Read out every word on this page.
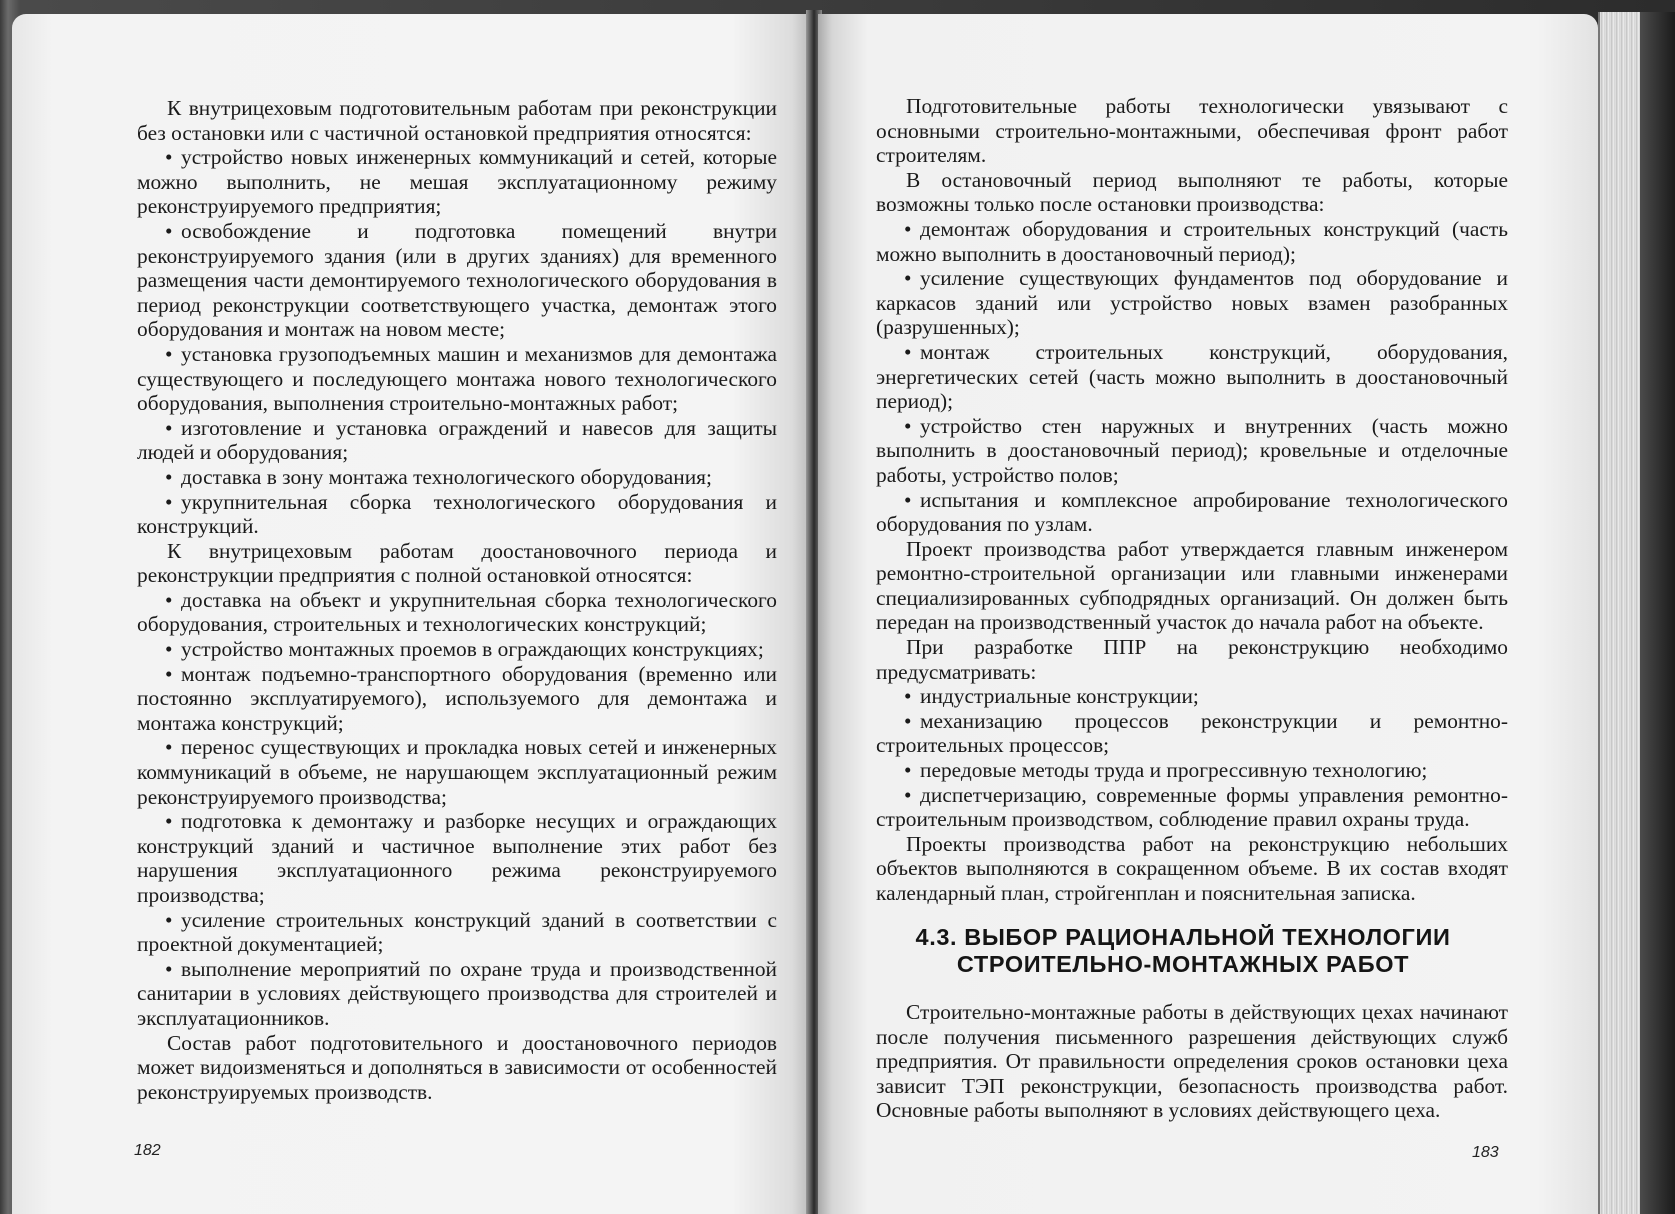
К внутрицеховым подготовительным работам при реконструкции без остановки или с частичной остановкой предприятия относятся:

• устройство новых инженерных коммуникаций и сетей, которые можно выполнить, не мешая эксплуатационному режиму реконструируемого предприятия;

• освобождение и подготовка помещений внутри реконструируемого здания (или в других зданиях) для временного размещения части демонтируемого технологического оборудования в период реконструкции соответствующего участка, демонтаж этого оборудования и монтаж на новом месте;

• установка грузоподъемных машин и механизмов для демонтажа существующего и последующего монтажа нового технологического оборудования, выполнения строительно-монтажных работ;

• изготовление и установка ограждений и навесов для защиты людей и оборудования;

• доставка в зону монтажа технологического оборудования;

• укрупнительная сборка технологического оборудования и конструкций.

К внутрицеховым работам доостановочного периода и реконструкции предприятия с полной остановкой относятся:

• доставка на объект и укрупнительная сборка технологического оборудования, строительных и технологических конструкций;

• устройство монтажных проемов в ограждающих конструкциях;

• монтаж подъемно-транспортного оборудования (временно или постоянно эксплуатируемого), используемого для демонтажа и монтажа конструкций;

• перенос существующих и прокладка новых сетей и инженерных коммуникаций в объеме, не нарушающем эксплуатационный режим реконструируемого производства;

• подготовка к демонтажу и разборке несущих и ограждающих конструкций зданий и частичное выполнение этих работ без нарушения эксплуатационного режима реконструируемого производства;

• усиление строительных конструкций зданий в соответствии с проектной документацией;

• выполнение мероприятий по охране труда и производственной санитарии в условиях действующего производства для строителей и эксплуатационников.

Состав работ подготовительного и доостановочного периодов может видоизменяться и дополняться в зависимости от особенностей реконструируемых производств.

182

Подготовительные работы технологически увязывают с основными строительно-монтажными, обеспечивая фронт работ строителям.

В остановочный период выполняют те работы, которые возможны только после остановки производства:

• демонтаж оборудования и строительных конструкций (часть можно выполнить в доостановочный период);

• усиление существующих фундаментов под оборудование и каркасов зданий или устройство новых взамен разобранных (разрушенных);

• монтаж строительных конструкций, оборудования, энергетических сетей (часть можно выполнить в доостановочный период);

• устройство стен наружных и внутренних (часть можно выполнить в доостановочный период); кровельные и отделочные работы, устройство полов;

• испытания и комплексное апробирование технологического оборудования по узлам.

Проект производства работ утверждается главным инженером ремонтно-строительной организации или главными инженерами специализированных субподрядных организаций. Он должен быть передан на производственный участок до начала работ на объекте.

При разработке ППР на реконструкцию необходимо предусматривать:

• индустриальные конструкции;

• механизацию процессов реконструкции и ремонтно-строительных процессов;

• передовые методы труда и прогрессивную технологию;

• диспетчеризацию, современные формы управления ремонтно-строительным производством, соблюдение правил охраны труда.

Проекты производства работ на реконструкцию небольших объектов выполняются в сокращенном объеме. В их состав входят календарный план, стройгенплан и пояснительная записка.

4.3. ВЫБОР РАЦИОНАЛЬНОЙ ТЕХНОЛОГИИ
СТРОИТЕЛЬНО-МОНТАЖНЫХ РАБОТ

Строительно-монтажные работы в действующих цехах начинают после получения письменного разрешения действующих служб предприятия. От правильности определения сроков остановки цеха зависит ТЭП реконструкции, безопасность производства работ. Основные работы выполняют в условиях действующего цеха.

183
